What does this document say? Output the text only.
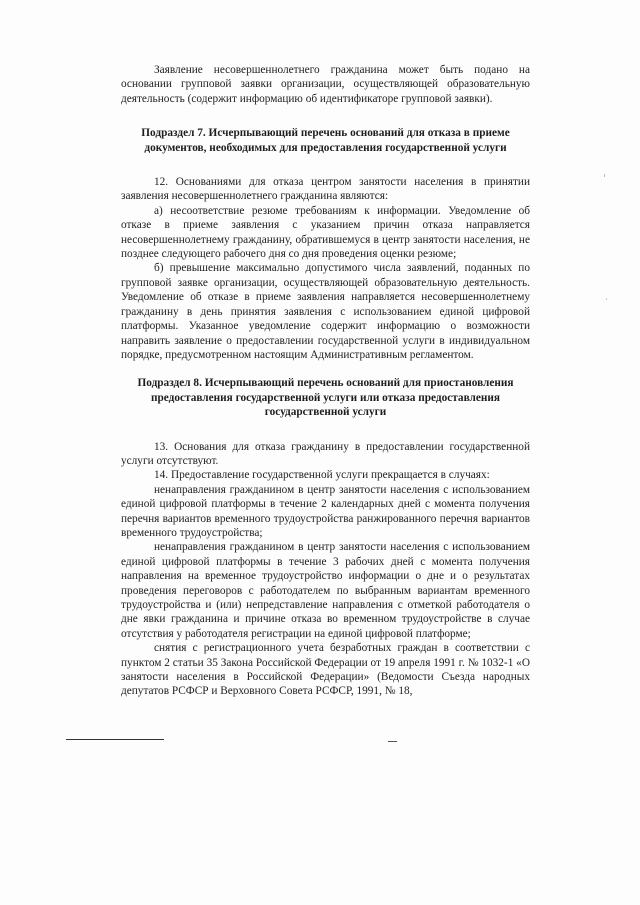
Заявление несовершеннолетнего гражданина может быть подано на основании групповой заявки организации, осуществляющей образовательную деятельность (содержит информацию об идентификаторе групповой заявки).

Подраздел 7. Исчерпывающий перечень оснований для отказа в приеме документов, необходимых для предоставления государственной услуги

12. Основаниями для отказа центром занятости населения в принятии заявления несовершеннолетнего гражданина являются:

а) несоответствие резюме требованиям к информации. Уведомление об отказе в приеме заявления с указанием причин отказа направляется несовершеннолетнему гражданину, обратившемуся в центр занятости населения, не позднее следующего рабочего дня со дня проведения оценки резюме;

б) превышение максимально допустимого числа заявлений, поданных по групповой заявке организации, осуществляющей образовательную деятельность. Уведомление об отказе в приеме заявления направляется несовершеннолетнему гражданину в день принятия заявления с использованием единой цифровой платформы. Указанное уведомление содержит информацию о возможности направить заявление о предоставлении государственной услуги в индивидуальном порядке, предусмотренном настоящим Административным регламентом.

Подраздел 8. Исчерпывающий перечень оснований для приостановления предоставления государственной услуги или отказа предоставления государственной услуги

13. Основания для отказа гражданину в предоставлении государственной услуги отсутствуют.

14. Предоставление государственной услуги прекращается в случаях:

ненаправления гражданином в центр занятости населения с использованием единой цифровой платформы в течение 2 календарных дней с момента получения перечня вариантов временного трудоустройства ранжированного перечня вариантов временного трудоустройства;

ненаправления гражданином в центр занятости населения с использованием единой цифровой платформы в течение 3 рабочих дней с момента получения направления на временное трудоустройство информации о дне и о результатах проведения переговоров с работодателем по выбранным вариантам временного трудоустройства и (или) непредставление направления с отметкой работодателя о дне явки гражданина и причине отказа во временном трудоустройстве в случае отсутствия у работодателя регистрации на единой цифровой платформе;

снятия с регистрационного учета безработных граждан в соответствии с пунктом 2 статьи 35 Закона Российской Федерации от 19 апреля 1991 г. № 1032-1 «О занятости населения в Российской Федерации» (Ведомости Съезда народных депутатов РСФСР и Верховного Совета РСФСР, 1991, № 18,
